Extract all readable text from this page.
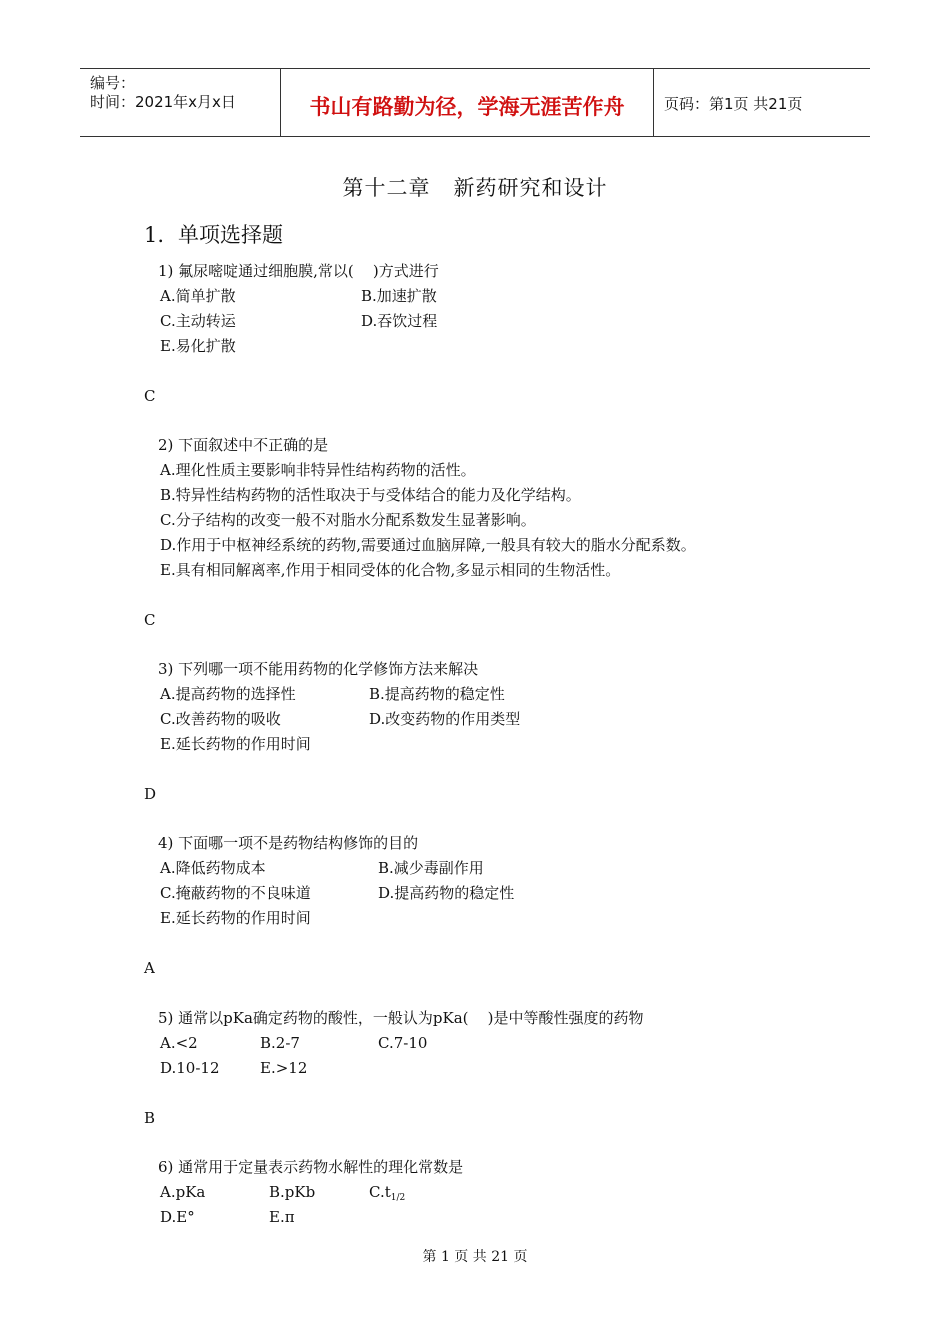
编号：
时间：2021年x月x日	书山有路勤为径，学海无涯苦作舟	页码：第1页 共21页
第十二章   新药研究和设计
1. 单项选择题
1) 氟尿嘧啶通过细胞膜,常以(    )方式进行
A.简单扩散	B.加速扩散
C.主动转运	D.吞饮过程
E.易化扩散
C
2) 下面叙述中不正确的是
A.理化性质主要影响非特异性结构药物的活性。
B.特异性结构药物的活性取决于与受体结合的能力及化学结构。
C.分子结构的改变一般不对脂水分配系数发生显著影响。
D.作用于中枢神经系统的药物,需要通过血脑屏障,一般具有较大的脂水分配系数。
E.具有相同解离率,作用于相同受体的化合物,多显示相同的生物活性。
C
3) 下列哪一项不能用药物的化学修饰方法来解决
A.提高药物的选择性	B.提高药物的稳定性
C.改善药物的吸收	D.改变药物的作用类型
E.延长药物的作用时间
D
4) 下面哪一项不是药物结构修饰的目的
A.降低药物成本	B.减少毒副作用
C.掩蔽药物的不良味道	D.提高药物的稳定性
E.延长药物的作用时间
A
5) 通常以pKa确定药物的酸性，一般认为pKa(    )是中等酸性强度的药物
A.<2	B.2-7	C.7-10
D.10-12	E.>12
B
6) 通常用于定量表示药物水解性的理化常数是
A.pKa	B.pKb	$C.t_{1/2}$
D.E°	E.π
第 1 页 共 21 页
